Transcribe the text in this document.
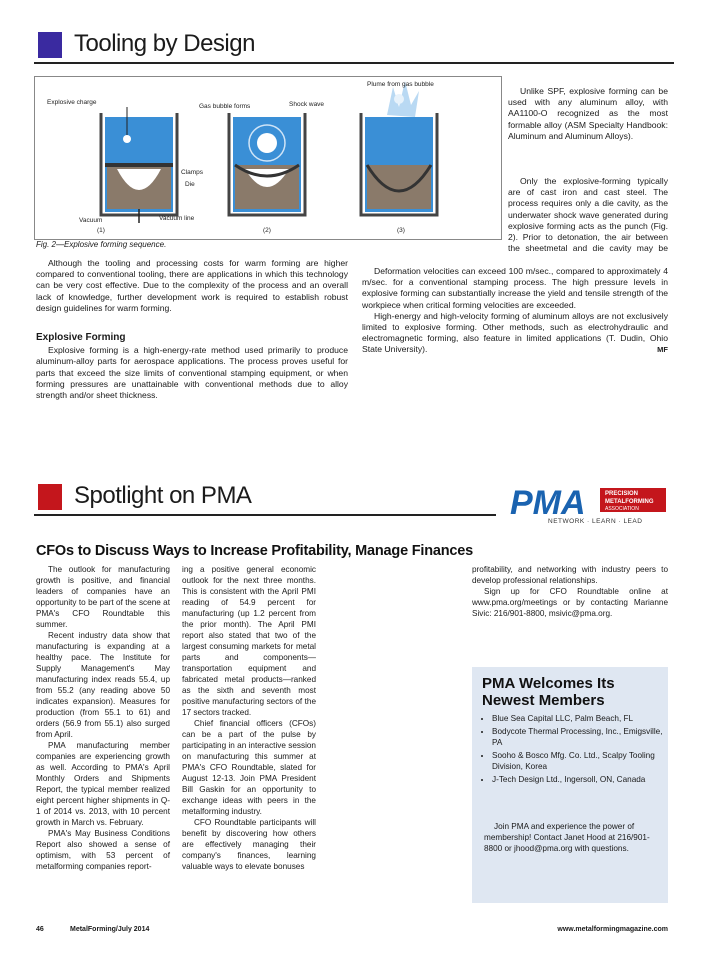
Tooling by Design
Plume from gas bubble
Explosive charge
Gas bubble forms	Shock wave
Clamps
Die
Vacuum	Vacuum line
(1)	(2)	(3)
Fig. 2—Explosive forming sequence.

Unlike SPF, explosive forming can be used with any aluminum alloy, with AA1100-O recognized as the most formable alloy (ASM Specialty Handbook: Aluminum and Aluminum Alloys).

Only the explosive-forming typically are of cast iron and cast steel. The process requires only a die cavity, as the underwater shock wave generated during explosive forming acts as the punch (Fig. 2). Prior to detonation, the air between the sheetmetal and die cavity may be

Deformation velocities can exceed 100 m/sec., compared to approximately 4 m/sec. for a conventional stamping process. The high pressure levels in explosive forming can substantially increase the yield and tensile strength of the workpiece when critical forming velocities are exceeded.

High-energy and high-velocity forming of aluminum alloys are not exclusively limited to explosive forming. Other methods, such as electrohydraulic and electromagnetic forming, also feature in limited applications (T. Dudin, Ohio State University).	MF

Although the tooling and processing costs for warm forming are higher compared to conventional tooling, there are applications in which this technology can be very cost effective. Due to the complexity of the process and an overall lack of knowledge, further development work is required to establish robust design guidelines for warm forming.

Explosive Forming

Explosive forming is a high-energy-rate method used primarily to produce aluminum-alloy parts for aerospace applications. The process proves useful for parts that exceed the size limits of conventional stamping equipment, or when forming pressures are unattainable with conventional methods due to alloy strength and/or sheet thickness.

Spotlight on PMA	PMA	PRECISION
METALFORMING
ASSOCIATION
NETWORK · LEARN · LEAD
CFOs to Discuss Ways to Increase Profitability, Manage Finances

The outlook for manufacturing growth is positive, and financial leaders of companies have an opportunity to be part of the scene at PMA's CFO Roundtable this summer.

Recent industry data show that manufacturing is expanding at a healthy pace. The Institute for Supply Management's May manufacturing index reads 55.4, up from 55.2 (any reading above 50 indicates expansion). Measures for production (from 55.1 to 61) and orders (56.9 from 55.1) also surged from April.

PMA manufacturing member companies are experiencing growth as well. According to PMA's April Monthly Orders and Shipments Report, the typical member realized eight percent higher shipments in Q-1 of 2014 vs. 2013, with 10 percent growth in March vs. February.

PMA's May Business Conditions Report also showed a sense of optimism, with 53 percent of metalforming companies report-

ing a positive general economic outlook for the next three months. This is consistent with the April PMI reading of 54.9 percent for manufacturing (up 1.2 percent from the prior month). The April PMI report also stated that two of the largest consuming markets for metal parts and components—transportation equipment and fabricated metal products—ranked as the sixth and seventh most positive manufacturing sectors of the 17 sectors tracked.

Chief financial officers (CFOs) can be a part of the pulse by participating in an interactive session on manufacturing this summer at PMA's CFO Roundtable, slated for August 12-13. Join PMA President Bill Gaskin for an opportunity to exchange ideas with peers in the metalforming industry.

CFO Roundtable participants will benefit by discovering how others are effectively managing their company's finances, learning valuable ways to elevate bonuses

profitability, and networking with industry peers to develop professional relationships.

Sign up for CFO Roundtable online at www.pma.org/meetings or by contacting Marianne Sivic: 216/901-8800, msivic@pma.org.

PMA Welcomes Its Newest Members
• Blue Sea Capital LLC, Palm Beach, FL
• Bodycote Thermal Processing, Inc., Emigsville, PA
• Sooho & Bosco Mfg. Co. Ltd., Scalpy Tooling Division, Korea
• J-Tech Design Ltd., Ingersoll, ON, Canada
Join PMA and experience the power of membership! Contact Janet Hood at 216/901-8800 or jhood@pma.org with questions.
46	MetalForming/July 2014	www.metalformingmagazine.com
